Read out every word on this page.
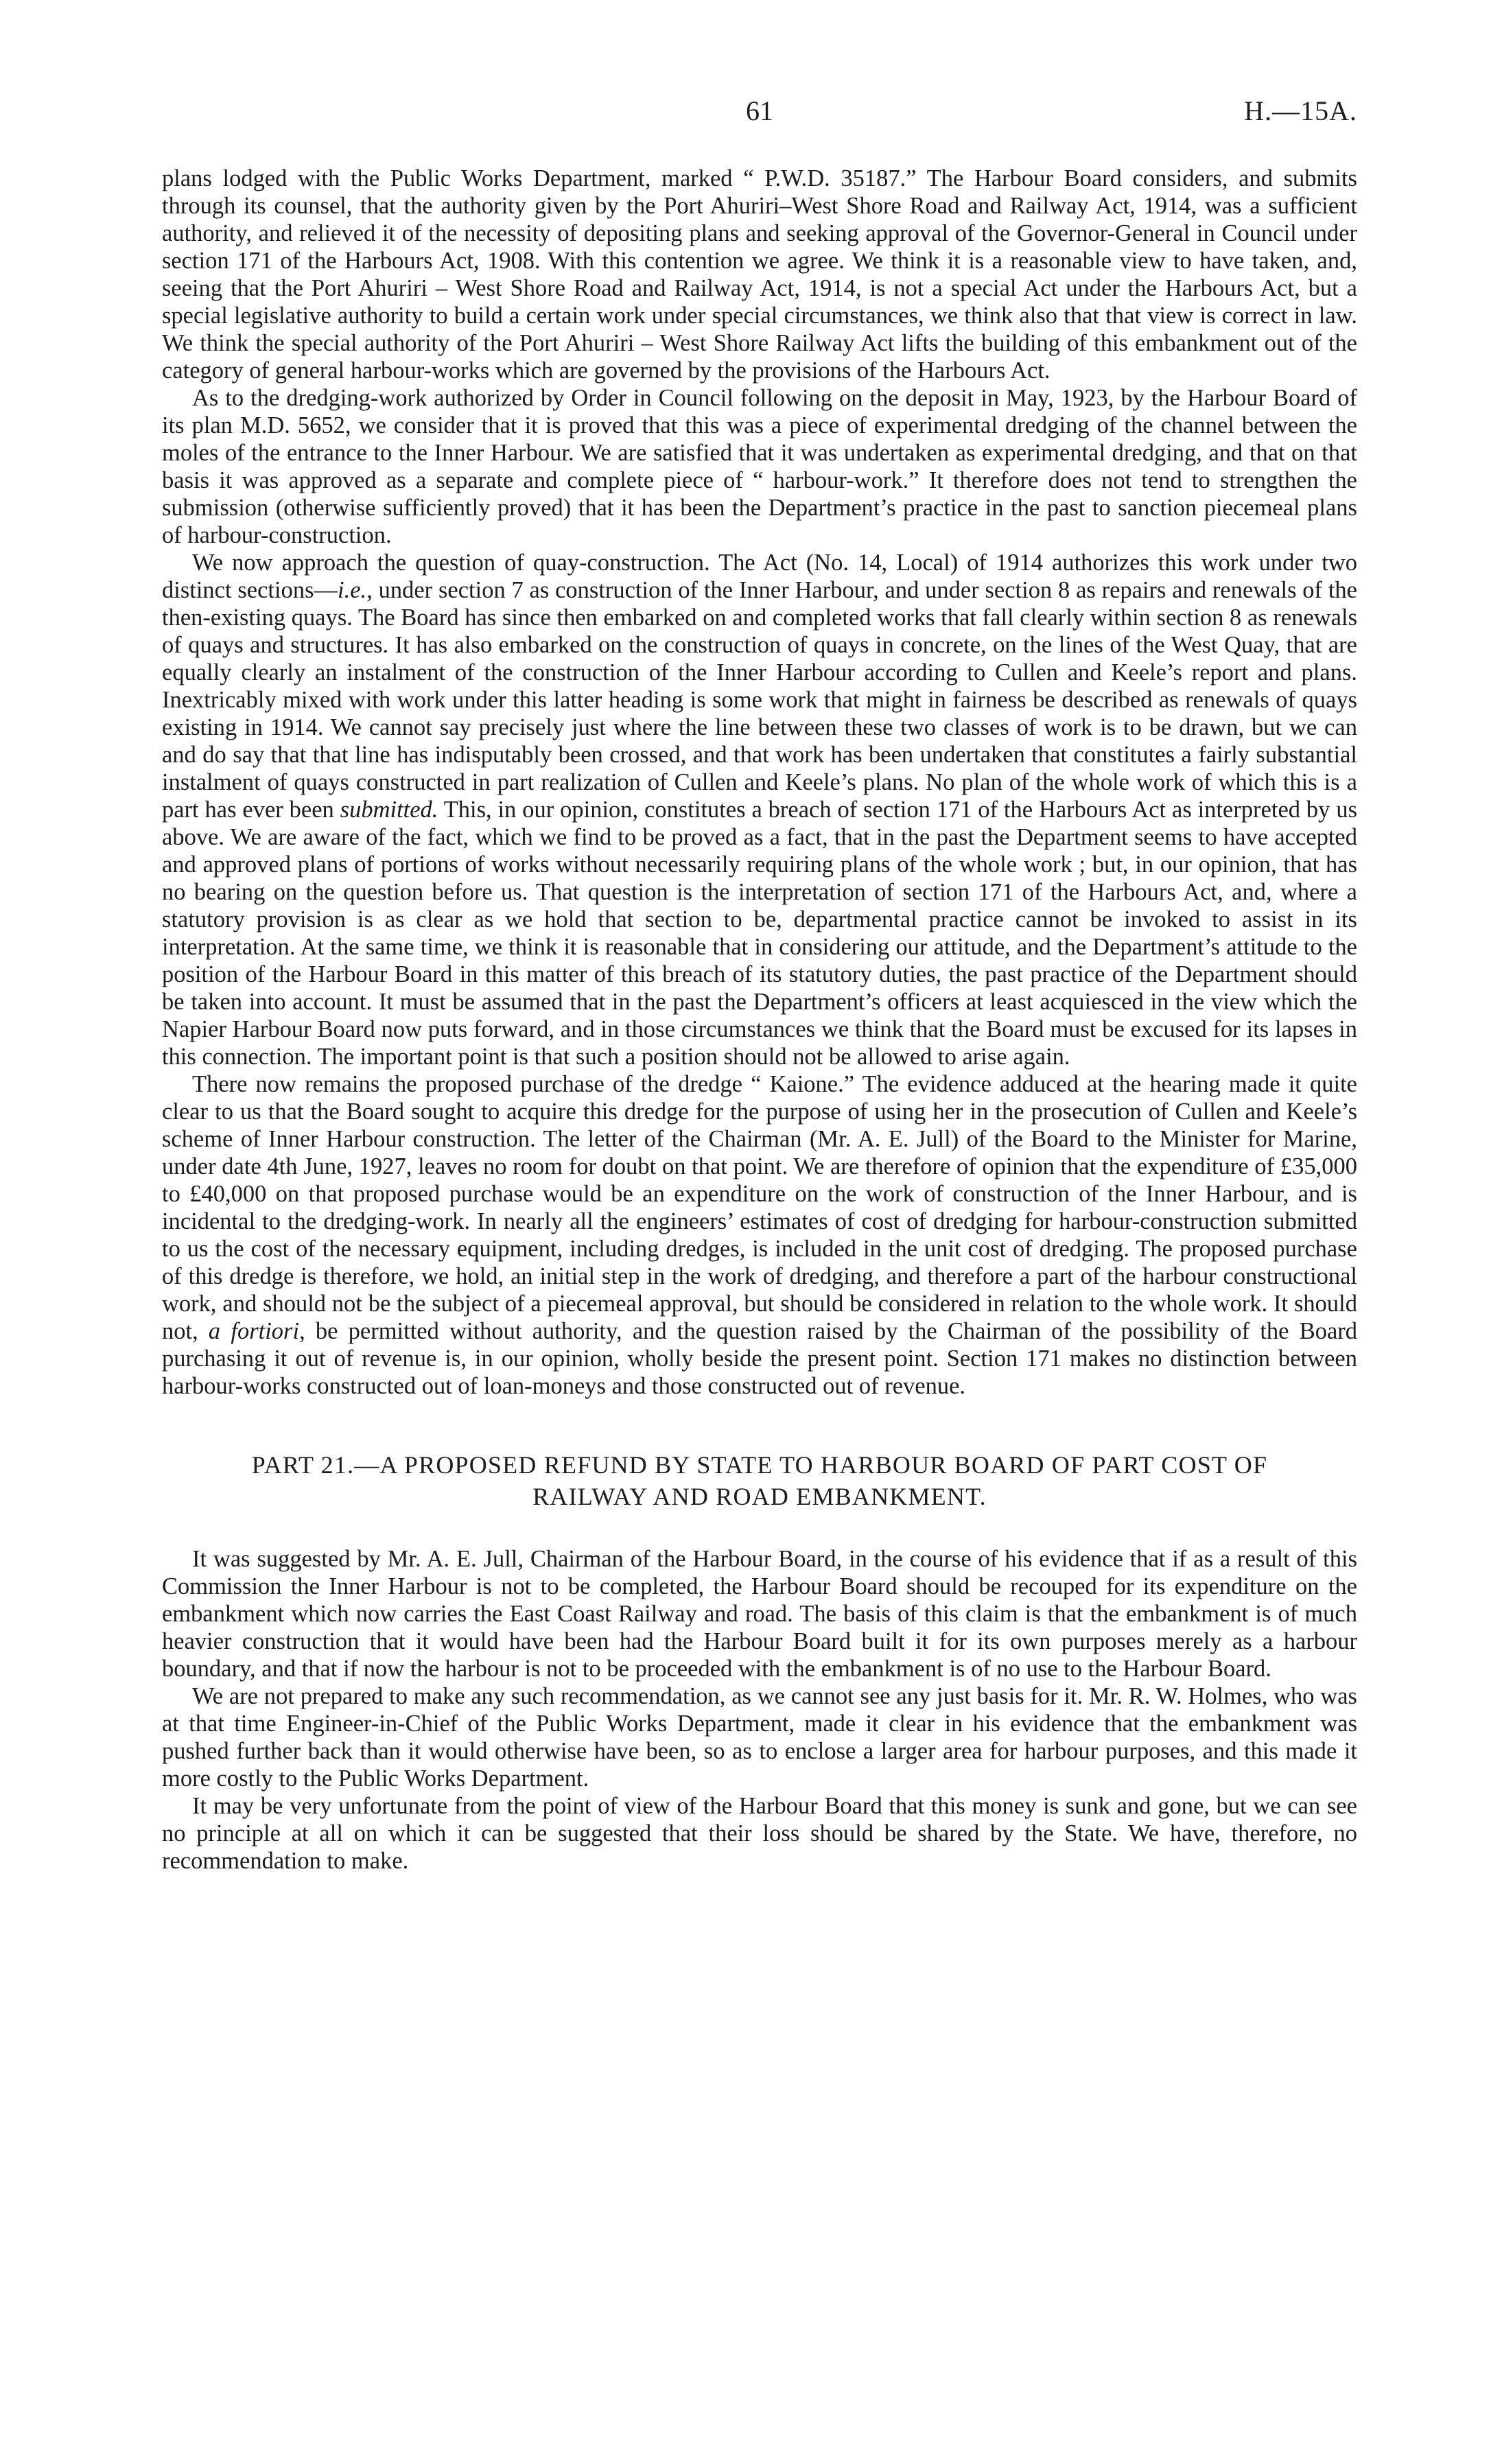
61	H.—15A.

plans lodged with the Public Works Department, marked “ P.W.D. 35187.” The Harbour Board considers, and submits through its counsel, that the authority given by the Port Ahuriri–West Shore Road and Railway Act, 1914, was a sufficient authority, and relieved it of the necessity of depositing plans and seeking approval of the Governor-General in Council under section 171 of the Harbours Act, 1908. With this contention we agree. We think it is a reasonable view to have taken, and, seeing that the Port Ahuriri – West Shore Road and Railway Act, 1914, is not a special Act under the Harbours Act, but a special legislative authority to build a certain work under special circumstances, we think also that that view is correct in law. We think the special authority of the Port Ahuriri – West Shore Railway Act lifts the building of this embankment out of the category of general harbour-works which are governed by the provisions of the Harbours Act.

As to the dredging-work authorized by Order in Council following on the deposit in May, 1923, by the Harbour Board of its plan M.D. 5652, we consider that it is proved that this was a piece of experimental dredging of the channel between the moles of the entrance to the Inner Harbour. We are satisfied that it was undertaken as experimental dredging, and that on that basis it was approved as a separate and complete piece of “ harbour-work.” It therefore does not tend to strengthen the submission (otherwise sufficiently proved) that it has been the Department’s practice in the past to sanction piecemeal plans of harbour-construction.

We now approach the question of quay-construction. The Act (No. 14, Local) of 1914 authorizes this work under two distinct sections—i.e., under section 7 as construction of the Inner Harbour, and under section 8 as repairs and renewals of the then-existing quays. The Board has since then embarked on and completed works that fall clearly within section 8 as renewals of quays and structures. It has also embarked on the construction of quays in concrete, on the lines of the West Quay, that are equally clearly an instalment of the construction of the Inner Harbour according to Cullen and Keele’s report and plans. Inextricably mixed with work under this latter heading is some work that might in fairness be described as renewals of quays existing in 1914. We cannot say precisely just where the line between these two classes of work is to be drawn, but we can and do say that that line has indisputably been crossed, and that work has been undertaken that constitutes a fairly substantial instalment of quays constructed in part realization of Cullen and Keele’s plans. No plan of the whole work of which this is a part has ever been submitted. This, in our opinion, constitutes a breach of section 171 of the Harbours Act as interpreted by us above. We are aware of the fact, which we find to be proved as a fact, that in the past the Department seems to have accepted and approved plans of portions of works without necessarily requiring plans of the whole work ; but, in our opinion, that has no bearing on the question before us. That question is the interpretation of section 171 of the Harbours Act, and, where a statutory provision is as clear as we hold that section to be, departmental practice cannot be invoked to assist in its interpretation. At the same time, we think it is reasonable that in considering our attitude, and the Department’s attitude to the position of the Harbour Board in this matter of this breach of its statutory duties, the past practice of the Department should be taken into account. It must be assumed that in the past the Department’s officers at least acquiesced in the view which the Napier Harbour Board now puts forward, and in those circumstances we think that the Board must be excused for its lapses in this connection. The important point is that such a position should not be allowed to arise again.

There now remains the proposed purchase of the dredge “ Kaione.” The evidence adduced at the hearing made it quite clear to us that the Board sought to acquire this dredge for the purpose of using her in the prosecution of Cullen and Keele’s scheme of Inner Harbour construction. The letter of the Chairman (Mr. A. E. Jull) of the Board to the Minister for Marine, under date 4th June, 1927, leaves no room for doubt on that point. We are therefore of opinion that the expenditure of £35,000 to £40,000 on that proposed purchase would be an expenditure on the work of construction of the Inner Harbour, and is incidental to the dredging-work. In nearly all the engineers’ estimates of cost of dredging for harbour-construction submitted to us the cost of the necessary equipment, including dredges, is included in the unit cost of dredging. The proposed purchase of this dredge is therefore, we hold, an initial step in the work of dredging, and therefore a part of the harbour constructional work, and should not be the subject of a piecemeal approval, but should be considered in relation to the whole work. It should not, a fortiori, be permitted without authority, and the question raised by the Chairman of the possibility of the Board purchasing it out of revenue is, in our opinion, wholly beside the present point. Section 171 makes no distinction between harbour-works constructed out of loan-moneys and those constructed out of revenue.

PART 21.—A PROPOSED REFUND BY STATE TO HARBOUR BOARD OF PART COST OF
RAILWAY AND ROAD EMBANKMENT.

It was suggested by Mr. A. E. Jull, Chairman of the Harbour Board, in the course of his evidence that if as a result of this Commission the Inner Harbour is not to be completed, the Harbour Board should be recouped for its expenditure on the embankment which now carries the East Coast Railway and road. The basis of this claim is that the embankment is of much heavier construction that it would have been had the Harbour Board built it for its own purposes merely as a harbour boundary, and that if now the harbour is not to be proceeded with the embankment is of no use to the Harbour Board.

We are not prepared to make any such recommendation, as we cannot see any just basis for it. Mr. R. W. Holmes, who was at that time Engineer-in-Chief of the Public Works Department, made it clear in his evidence that the embankment was pushed further back than it would otherwise have been, so as to enclose a larger area for harbour purposes, and this made it more costly to the Public Works Department.

It may be very unfortunate from the point of view of the Harbour Board that this money is sunk and gone, but we can see no principle at all on which it can be suggested that their loss should be shared by the State. We have, therefore, no recommendation to make.
